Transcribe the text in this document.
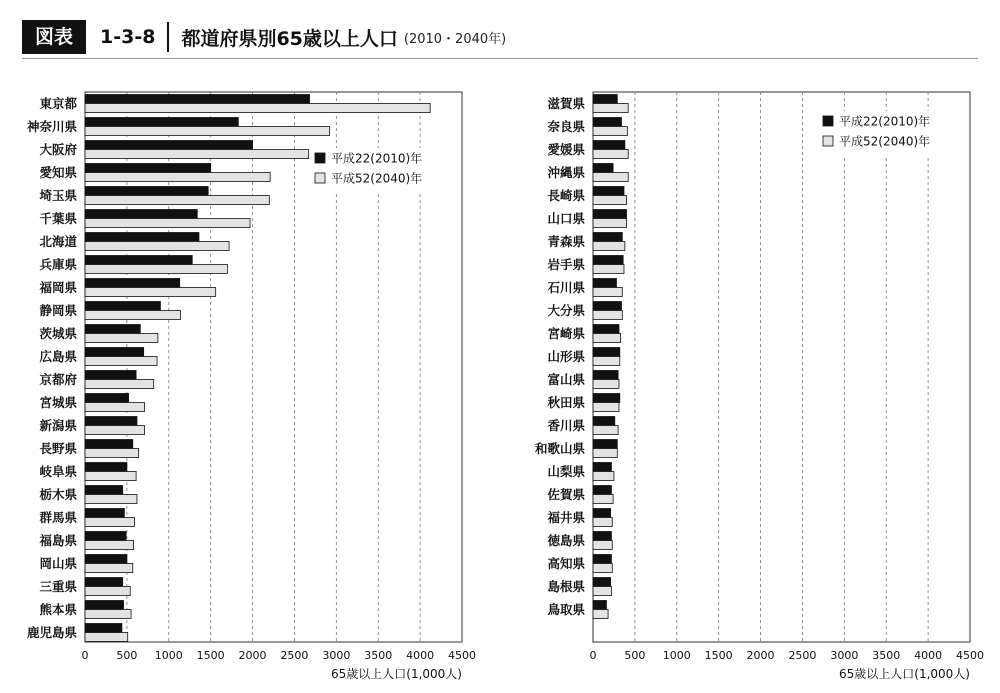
図表	1-3-8 都道府県別65歳以上人口 (2010・2040年)
0	500 1000 1500 2000 2500 3000 3500 4000 4500
65歳以上人口(1,000人)
東京都
神奈川県
大阪府
愛知県
埼玉県
千葉県
北海道
兵庫県
福岡県
静岡県
茨城県
広島県
京都府
宮城県
新潟県
長野県
岐阜県
栃木県
群馬県
福島県
岡山県
三重県
熊本県
鹿児島県
平成22(2010)年
平成52(2040)年
0	500 1000 1500 2000 2500 3000 3500 4000 4500
65歳以上人口(1,000人)
滋賀県
奈良県
愛媛県
沖縄県
長崎県
山口県
青森県
岩手県
石川県
大分県
宮崎県
山形県
富山県
秋田県
香川県
和歌山県
山梨県
佐賀県
福井県
徳島県
高知県
島根県
鳥取県
平成22(2010)年
平成52(2040)年
